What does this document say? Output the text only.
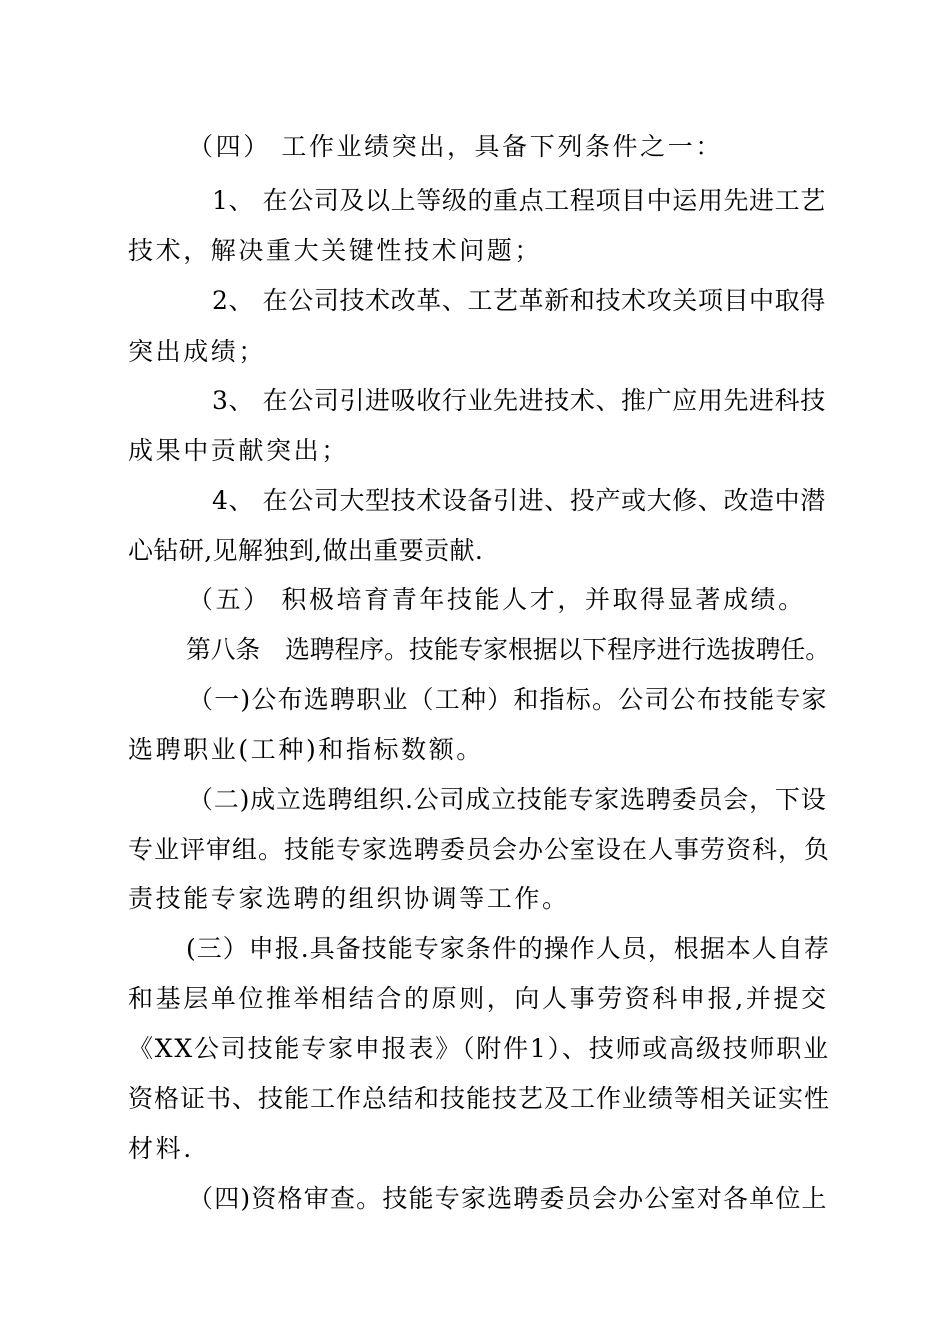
（四） 工作业绩突出，具备下列条件之一：
1、 在公司及以上等级的重点工程项目中运用先进工艺
技术，解决重大关键性技术问题；
2、 在公司技术改革、工艺革新和技术攻关项目中取得
突出成绩；
3、 在公司引进吸收行业先进技术、推广应用先进科技
成果中贡献突出；
4、 在公司大型技术设备引进、投产或大修、改造中潜
心钻研,见解独到,做出重要贡献.
（五） 积极培育青年技能人才，并取得显著成绩。
第八条　选聘程序。技能专家根据以下程序进行选拔聘任。
（一)公布选聘职业（工种）和指标。公司公布技能专家
选聘职业(工种)和指标数额。
（二)成立选聘组织.公司成立技能专家选聘委员会，下设
专业评审组。技能专家选聘委员会办公室设在人事劳资科，负
责技能专家选聘的组织协调等工作。
(三）申报.具备技能专家条件的操作人员，根据本人自荐
和基层单位推举相结合的原则，向人事劳资科申报,并提交
《XX公司技能专家申报表》（附件1）、技师或高级技师职业
资格证书、技能工作总结和技能技艺及工作业绩等相关证实性
材料.
（四)资格审查。技能专家选聘委员会办公室对各单位上
